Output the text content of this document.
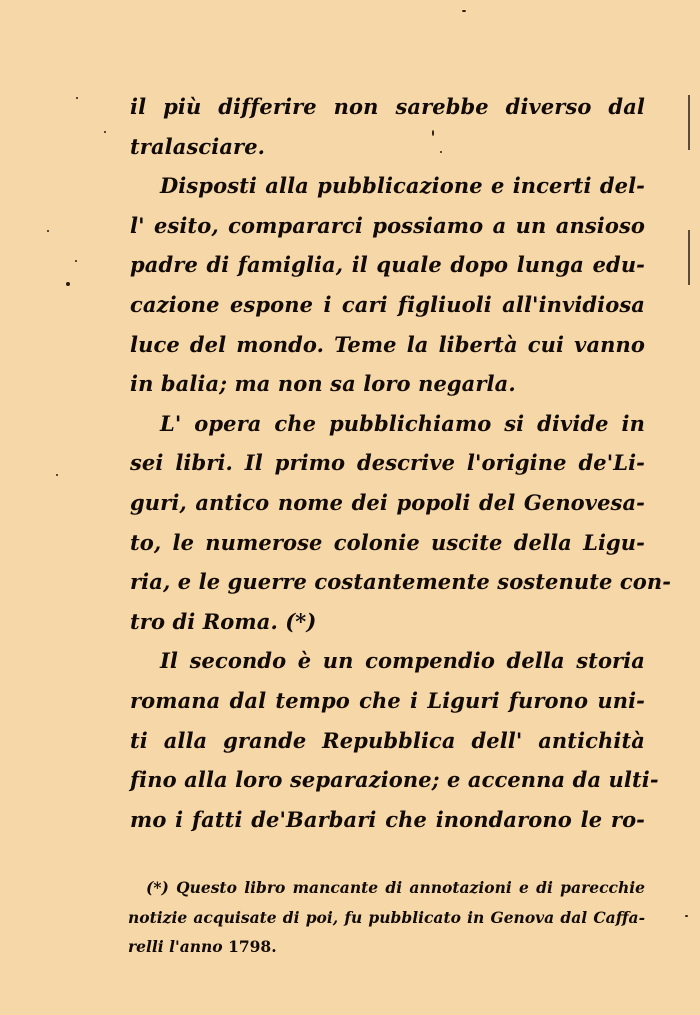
il più differire non sarebbe diverso dal
tralasciare.
Disposti alla pubblicazione e incerti del-
l' esito, compararci possiamo a un ansioso
padre di famiglia, il quale dopo lunga edu-
cazione espone i cari figliuoli all'invidiosa
luce del mondo. Teme la libertà cui vanno
in balia; ma non sa loro negarla.
L' opera che pubblichiamo si divide in
sei libri. Il primo descrive l'origine de'Li-
guri, antico nome dei popoli del Genovesa-
to, le numerose colonie uscite della Ligu-
ria, e le guerre costantemente sostenute con-
tro di Roma. (*)
Il secondo è un compendio della storia
romana dal tempo che i Liguri furono uni-
ti alla grande Repubblica dell' antichità
fino alla loro separazione; e accenna da ulti-
mo i fatti de'Barbari che inondarono le ro-
(*) Questo libro mancante di annotazioni e di parecchie
notizie acquisate di poi, fu pubblicato in Genova dal Caffa-
relli l'anno 1798.
